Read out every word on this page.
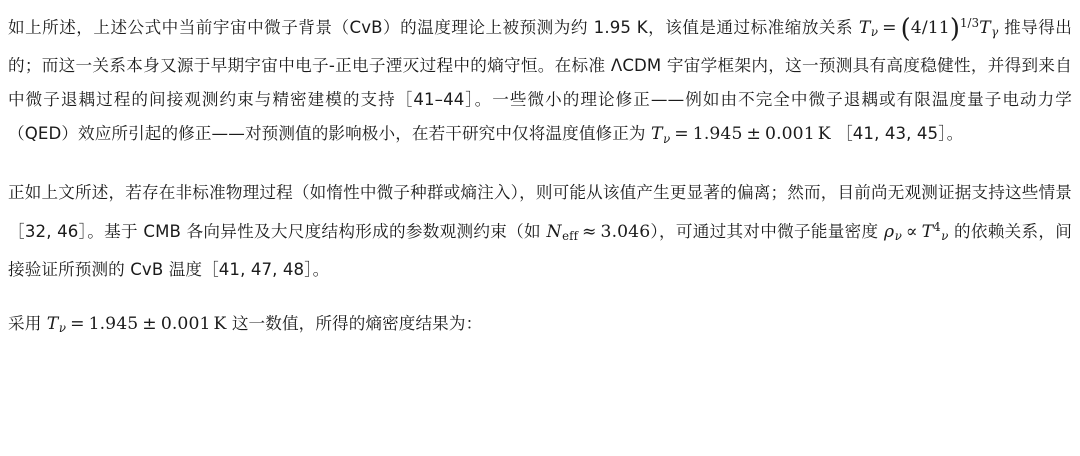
如上所述，上述公式中当前宇宙中微子背景（CvB）的温度理论上被预测为约 1.95 K，该值是通过标准缩放关系 $T_\nu = (4/11)^{1/3}T_\gamma$ 推导得出的；而这一关系本身又源于早期宇宙中电子-正电子湮灭过程中的熵守恒。在标准 ΛCDM 宇宙学框架内，这一预测具有高度稳健性，并得到来自中微子退耦过程的间接观测约束与精密建模的支持［41–44］。一些微小的理论修正——例如由不完全中微子退耦或有限温度量子电动力学（QED）效应所引起的修正——对预测值的影响极小，在若干研究中仅将温度值修正为 $T_\nu = 1.945 \pm 0.001$ K ［41, 43, 45］。

正如上文所述，若存在非标准物理过程（如惰性中微子种群或熵注入），则可能从该值产生更显著的偏离；然而，目前尚无观测证据支持这些情景［32, 46］。基于 CMB 各向异性及大尺度结构形成的参数观测约束（如 $N_{eff} \approx 3.046$），可通过其对中微子能量密度 $\rho_\nu \propto T^4_\nu$ 的依赖关系，间接验证所预测的 CvB 温度［41, 47, 48］。

采用 $T_\nu = 1.945 \pm 0.001$ K 这一数值，所得的熵密度结果为：
